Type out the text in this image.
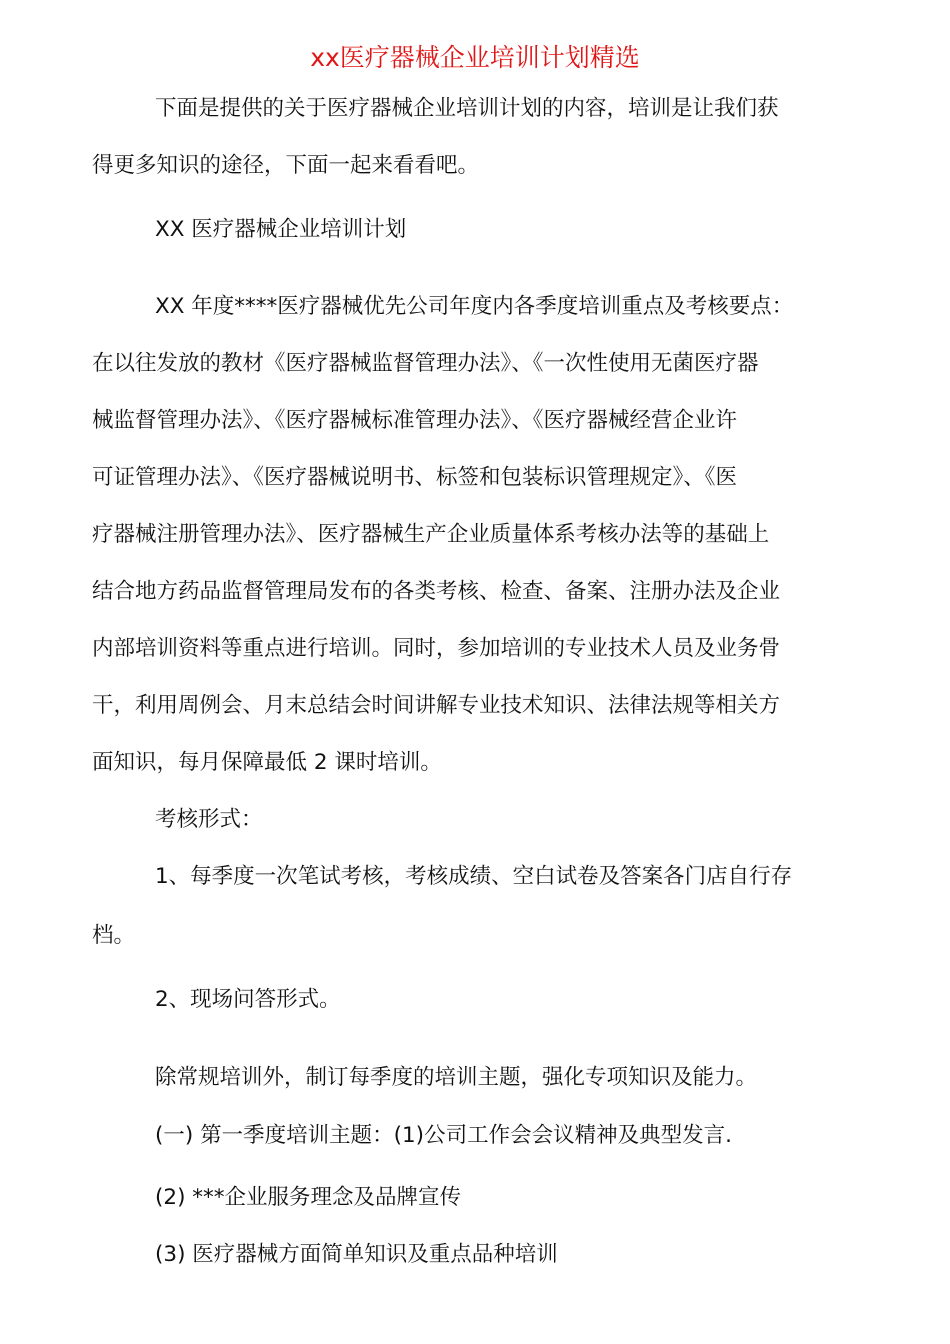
xx医疗器械企业培训计划精选

下面是提供的关于医疗器械企业培训计划的内容，培训是让我们获

得更多知识的途径，下面一起来看看吧。

XX 医疗器械企业培训计划

XX 年度****医疗器械优先公司年度内各季度培训重点及考核要点：

在以往发放的教材《医疗器械监督管理办法》、《一次性使用无菌医疗器

械监督管理办法》、《医疗器械标准管理办法》、《医疗器械经营企业许

可证管理办法》、《医疗器械说明书、标签和包装标识管理规定》、《医

疗器械注册管理办法》、医疗器械生产企业质量体系考核办法等的基础上

结合地方药品监督管理局发布的各类考核、检查、备案、注册办法及企业

内部培训资料等重点进行培训。同时，参加培训的专业技术人员及业务骨

干，利用周例会、月末总结会时间讲解专业技术知识、法律法规等相关方

面知识，每月保障最低 2 课时培训。

考核形式：

1、每季度一次笔试考核，考核成绩、空白试卷及答案各门店自行存

档。

2、现场问答形式。

除常规培训外，制订每季度的培训主题，强化专项知识及能力。

(一) 第一季度培训主题：(1)公司工作会会议精神及典型发言.

(2) ***企业服务理念及品牌宣传

(3) 医疗器械方面简单知识及重点品种培训
